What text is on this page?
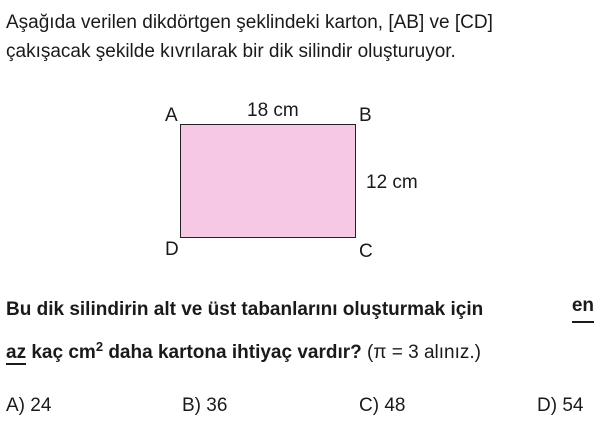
Aşağıda verilen dikdörtgen şeklindeki karton, [AB] ve [CD]
çakışacak şekilde kıvrılarak bir dik silindir oluşturuyor.

A	B
C
D
18 cm
12 cm
Bu dik silindirin alt ve üst tabanlarını oluşturmak için	en
az kaç $cm^2$ daha kartona ihtiyaç vardır? (π = 3 alınız.)
A) 24	B) 36	C) 48	D) 54
